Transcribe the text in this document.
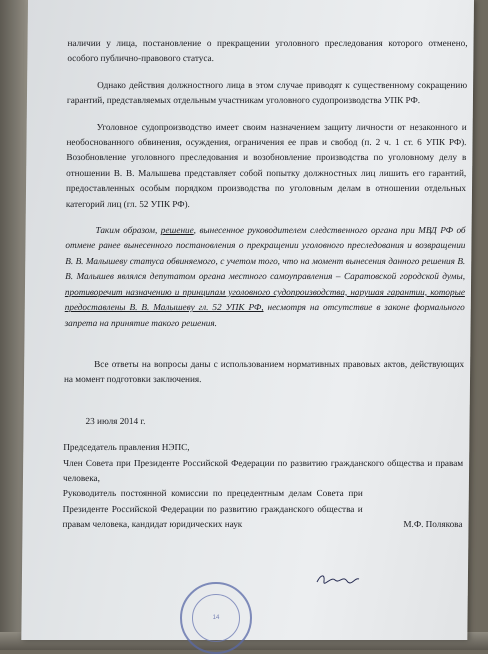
наличии у лица, постановление о прекращении уголовного преследования которого отменено, особого публично-правового статуса.

Однако действия должностного лица в этом случае приводят к существенному сокращению гарантий, представляемых отдельным участникам уголовного судопроизводства УПК РФ.

Уголовное судопроизводство имеет своим назначением защиту личности от незаконного и необоснованного обвинения, осуждения, ограничения ее прав и свобод (п. 2 ч. 1 ст. 6 УПК РФ). Возобновление уголовного преследования и возобновление производства по уголовному делу в отношении В. В. Малышева представляет собой попытку должностных лиц лишить его гарантий, предоставленных особым порядком производства по уголовным делам в отношении отдельных категорий лиц (гл. 52 УПК РФ).

Таким образом, решение, вынесенное руководителем следственного органа при МВД РФ об отмене ранее вынесенного постановления о прекращении уголовного преследования и возвращении В. В. Малышеву статуса обвиняемого, с учетом того, что на момент вынесения данного решения В. В. Малышев являлся депутатом органа местного самоуправления – Саратовской городской думы, противоречит назначению и принципам уголовного судопроизводства, нарушая гарантии, которые предоставлены В. В. Малышеву гл. 52 УПК РФ, несмотря на отсутствие в законе формального запрета на принятие такого решения.

Все ответы на вопросы даны с использованием нормативных правовых актов, действующих на момент подготовки заключения.

23 июля 2014 г.

Председатель правления НЭПС,

Член Совета при Президенте Российской Федерации по развитию гражданского общества и правам человека,

Руководитель постоянной комиссии по прецедентным делам Совета при Президенте Российской Федерации по развитию гражданского общества и правам человека, кандидат юридических наук	М.Ф. Полякова
14
